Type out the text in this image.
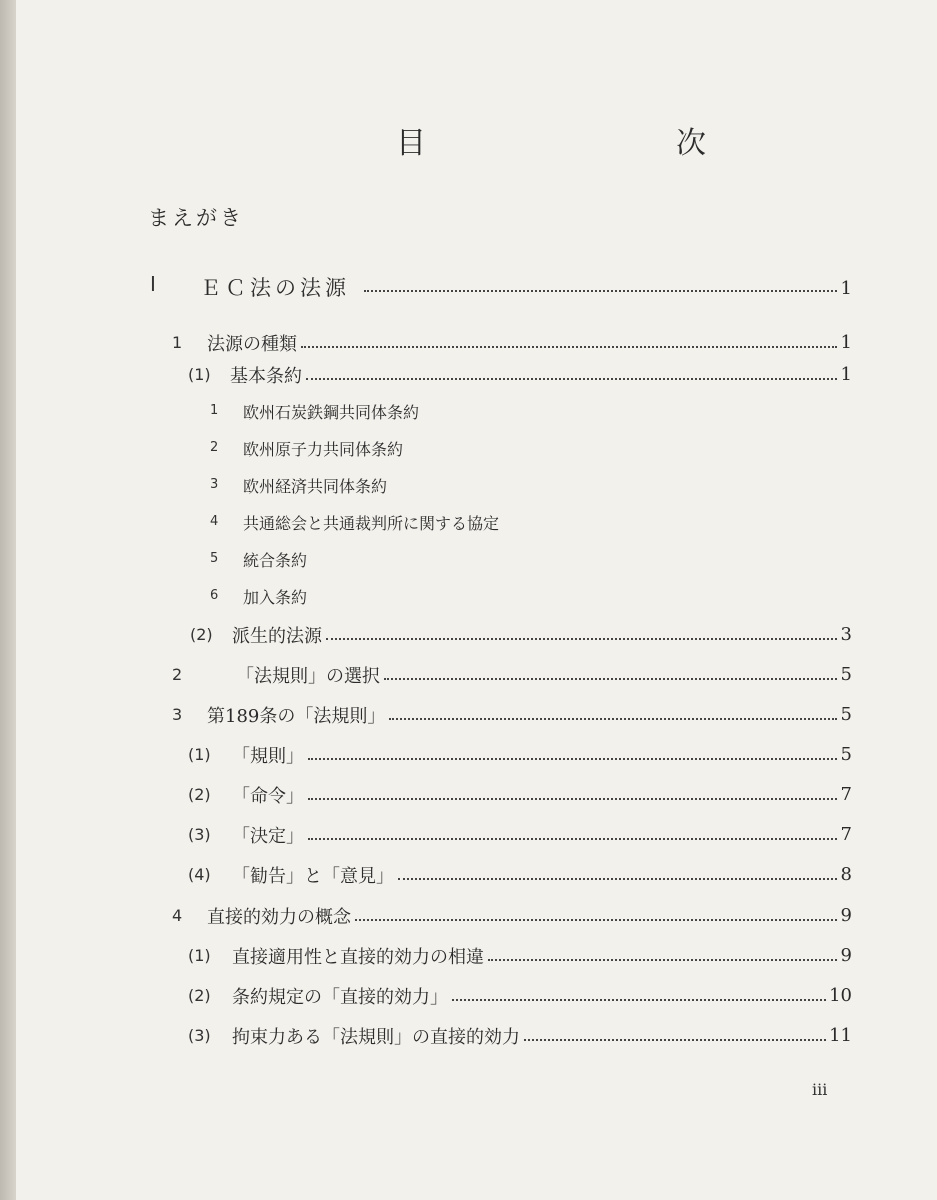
目　次
まえがき
I ＥＣ法の法源	1
1 法源の種類	1
(1) 基本条約	1
1 欧州石炭鉄鋼共同体条約
2 欧州原子力共同体条約
3 欧州経済共同体条約
4 共通総会と共通裁判所に関する協定
5 統合条約
6 加入条約
(2) 派生的法源	3
2	「法規則」の選択	5
3 第189条の「法規則」	5
(1) 「規則」	5
(2) 「命令」	7
(3) 「決定」	7
(4) 「勧告」と「意見」	8
4 直接的効力の概念	9
(1) 直接適用性と直接的効力の相違	9
(2) 条約規定の「直接的効力」	10
(3) 拘束力ある「法規則」の直接的効力	11
iii
